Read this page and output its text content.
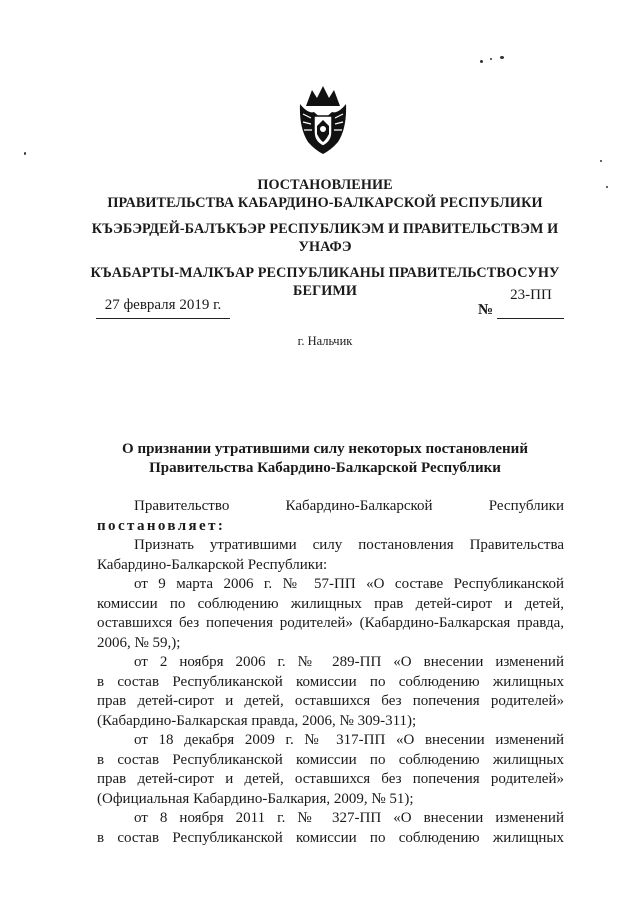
ПОСТАНОВЛЕНИЕ
ПРАВИТЕЛЬСТВА КАБАРДИНО-БАЛКАРСКОЙ РЕСПУБЛИКИ
КЪЭБЭРДЕЙ-БАЛЪКЪЭР РЕСПУБЛИКЭМ И ПРАВИТЕЛЬСТВЭМ И
УНАФЭ
КЪАБАРТЫ-МАЛКЪАР РЕСПУБЛИКАНЫ ПРАВИТЕЛЬСТВОСУНУ
БЕГИМИ
27 февраля 2019 г.
23-ПП
№
г. Нальчик
О признании утратившими силу некоторых постановлений
Правительства Кабардино-Балкарской Республики
Правительство Кабардино-Балкарской Республики
постановляет:
Признать утратившими силу постановления Правительства
Кабардино-Балкарской Республики:
от 9 марта 2006 г. № 57-ПП «О составе Республиканской
комиссии по соблюдению жилищных прав детей-сирот и детей,
оставшихся без попечения родителей» (Кабардино-Балкарская правда,
2006, № 59,);
от 2 ноября 2006 г. № 289-ПП «О внесении изменений
в состав Республиканской комиссии по соблюдению жилищных
прав детей-сирот и детей, оставшихся без попечения родителей»
(Кабардино-Балкарская правда, 2006, № 309-311);
от 18 декабря 2009 г. № 317-ПП «О внесении изменений
в состав Республиканской комиссии по соблюдению жилищных
прав детей-сирот и детей, оставшихся без попечения родителей»
(Официальная Кабардино-Балкария, 2009, № 51);
от 8 ноября 2011 г. № 327-ПП «О внесении изменений
в состав Республиканской комиссии по соблюдению жилищных
